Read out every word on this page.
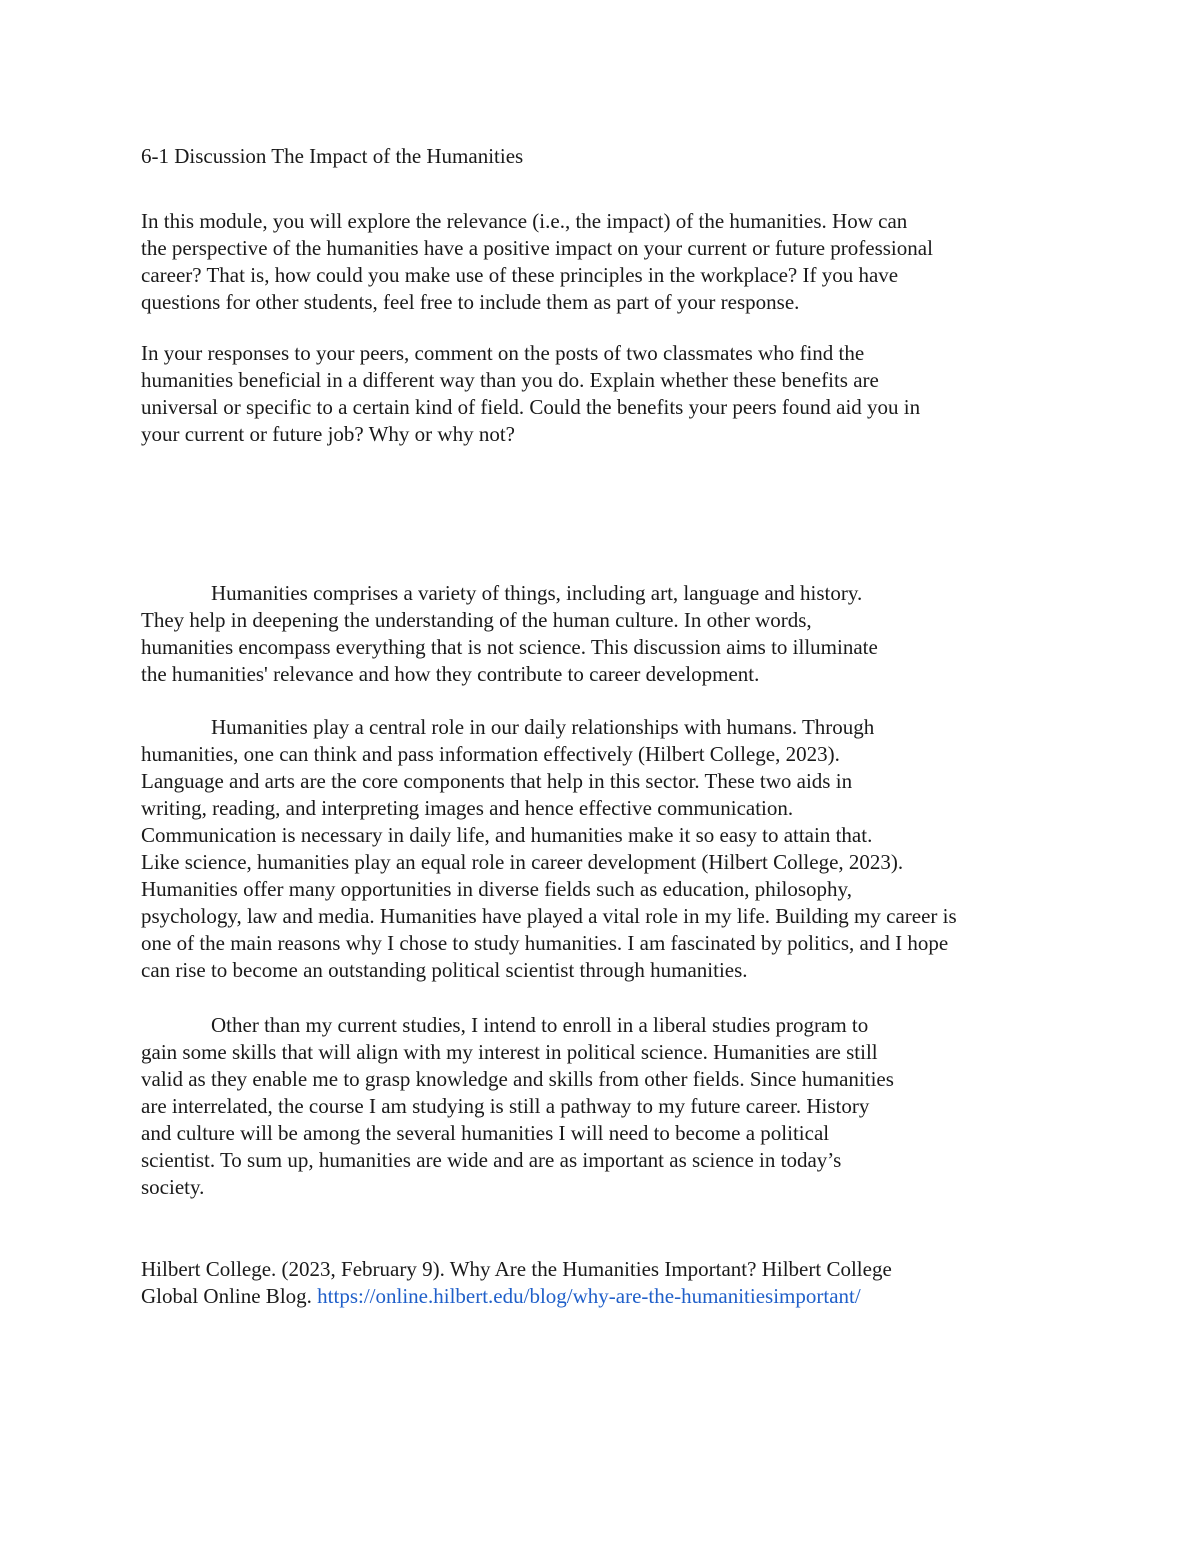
6-1 Discussion The Impact of the Humanities

In this module, you will explore the relevance (i.e., the impact) of the humanities. How can

the perspective of the humanities have a positive impact on your current or future professional

career? That is, how could you make use of these principles in the workplace? If you have

questions for other students, feel free to include them as part of your response.

In your responses to your peers, comment on the posts of two classmates who find the

humanities beneficial in a different way than you do. Explain whether these benefits are

universal or specific to a certain kind of field. Could the benefits your peers found aid you in

your current or future job? Why or why not?

Humanities comprises a variety of things, including art, language and history.

They help in deepening the understanding of the human culture. In other words,

humanities encompass everything that is not science. This discussion aims to illuminate

the humanities' relevance and how they contribute to career development.

Humanities play a central role in our daily relationships with humans. Through

humanities, one can think and pass information effectively (Hilbert College, 2023).

Language and arts are the core components that help in this sector. These two aids in

writing, reading, and interpreting images and hence effective communication.

Communication is necessary in daily life, and humanities make it so easy to attain that.

Like science, humanities play an equal role in career development (Hilbert College, 2023).

Humanities offer many opportunities in diverse fields such as education, philosophy,

psychology, law and media. Humanities have played a vital role in my life. Building my career is

one of the main reasons why I chose to study humanities. I am fascinated by politics, and I hope

can rise to become an outstanding political scientist through humanities.

Other than my current studies, I intend to enroll in a liberal studies program to

gain some skills that will align with my interest in political science. Humanities are still

valid as they enable me to grasp knowledge and skills from other fields. Since humanities

are interrelated, the course I am studying is still a pathway to my future career. History

and culture will be among the several humanities I will need to become a political

scientist. To sum up, humanities are wide and are as important as science in today’s

society.

Hilbert College. (2023, February 9). Why Are the Humanities Important? Hilbert College

Global Online Blog. https://online.hilbert.edu/blog/why-are-the-humanitiesimportant/
